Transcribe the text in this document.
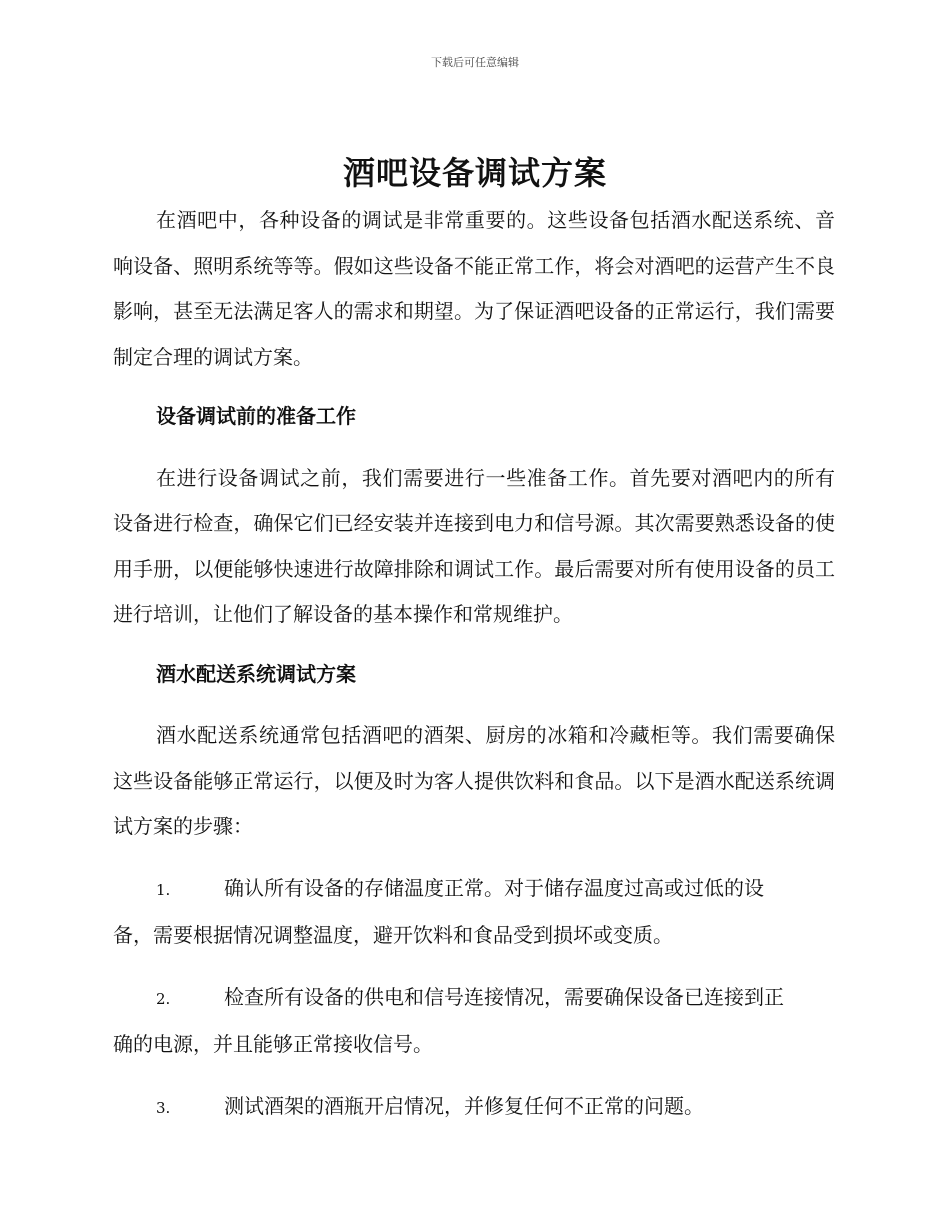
下载后可任意编辑
酒吧设备调试方案

在酒吧中，各种设备的调试是非常重要的。这些设备包括酒水配送系统、音响设备、照明系统等等。假如这些设备不能正常工作，将会对酒吧的运营产生不良影响，甚至无法满足客人的需求和期望。为了保证酒吧设备的正常运行，我们需要制定合理的调试方案。

设备调试前的准备工作

在进行设备调试之前，我们需要进行一些准备工作。首先要对酒吧内的所有设备进行检查，确保它们已经安装并连接到电力和信号源。其次需要熟悉设备的使用手册，以便能够快速进行故障排除和调试工作。最后需要对所有使用设备的员工进行培训，让他们了解设备的基本操作和常规维护。

酒水配送系统调试方案

酒水配送系统通常包括酒吧的酒架、厨房的冰箱和冷藏柜等。我们需要确保这些设备能够正常运行，以便及时为客人提供饮料和食品。以下是酒水配送系统调试方案的步骤：

1.	确认所有设备的存储温度正常。对于储存温度过高或过低的设
备，需要根据情况调整温度，避开饮料和食品受到损坏或变质。
2.	检查所有设备的供电和信号连接情况，需要确保设备已连接到正
确的电源，并且能够正常接收信号。
3.	测试酒架的酒瓶开启情况，并修复任何不正常的问题。
